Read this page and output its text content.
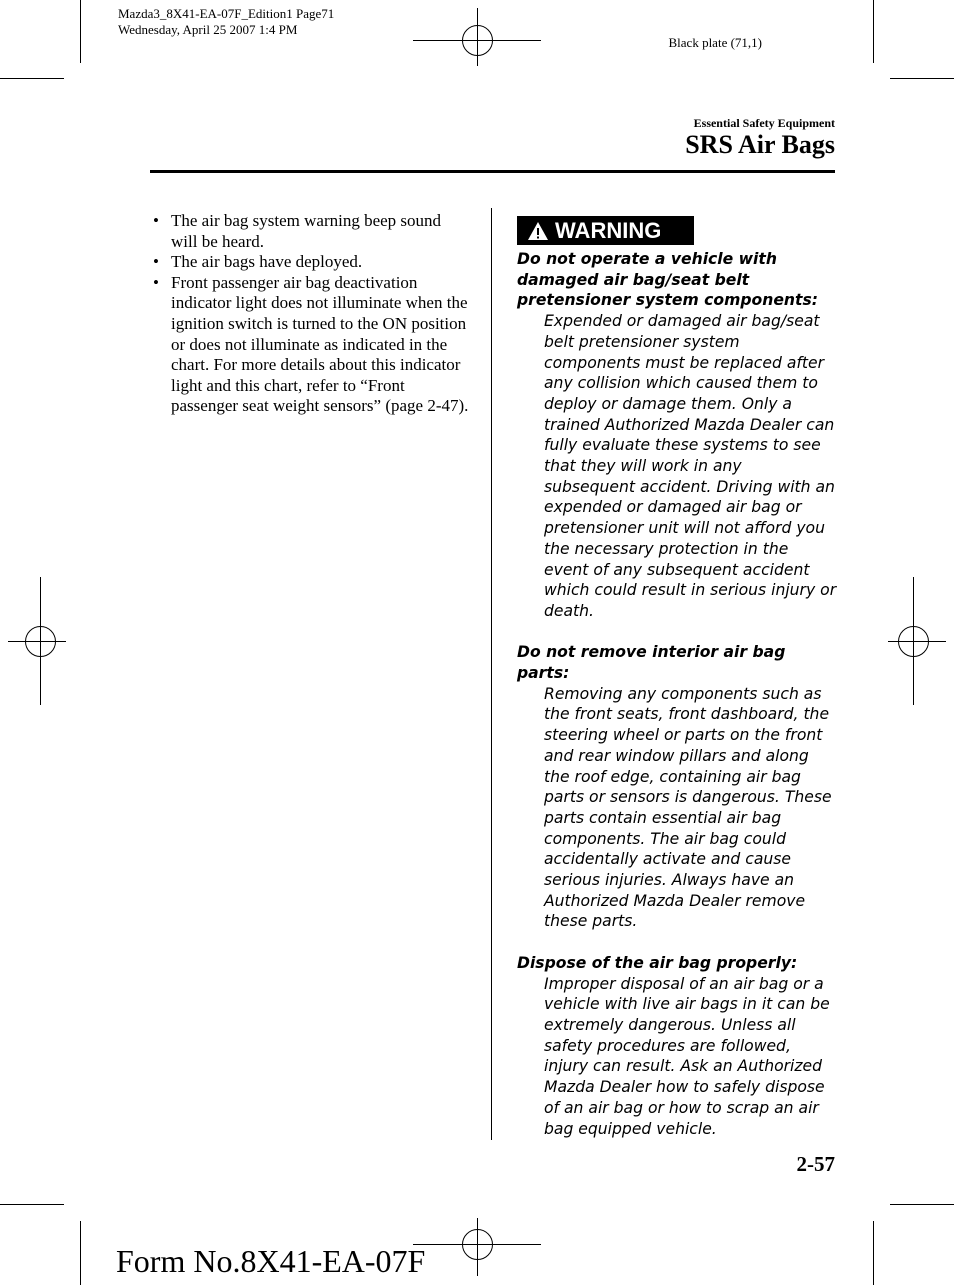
Mazda3_8X41-EA-07F_Edition1 Page71
Wednesday, April 25 2007 1:4 PM
Black plate (71,1)
Essential Safety Equipment
SRS Air Bags
• The air bag system warning beep sound will be heard.
• The air bags have deployed.
• Front passenger air bag deactivation indicator light does not illuminate when the ignition switch is turned to the ON position or does not illuminate as indicated in the chart. For more details about this indicator light and this chart, refer to “Front passenger seat weight sensors” (page 2-47).
WARNING

Do not operate a vehicle with damaged air bag/seat belt pretensioner system components:

Expended or damaged air bag/seat belt pretensioner system components must be replaced after any collision which caused them to deploy or damage them. Only a trained Authorized Mazda Dealer can fully evaluate these systems to see that they will work in any subsequent accident. Driving with an expended or damaged air bag or pretensioner unit will not afford you the necessary protection in the event of any subsequent accident which could result in serious injury or death.

Do not remove interior air bag parts:

Removing any components such as the front seats, front dashboard, the steering wheel or parts on the front and rear window pillars and along the roof edge, containing air bag parts or sensors is dangerous. These parts contain essential air bag components. The air bag could accidentally activate and cause serious injuries. Always have an Authorized Mazda Dealer remove these parts.

Dispose of the air bag properly:

Improper disposal of an air bag or a vehicle with live air bags in it can be extremely dangerous. Unless all safety procedures are followed, injury can result. Ask an Authorized Mazda Dealer how to safely dispose of an air bag or how to scrap an air bag equipped vehicle.

2-57
Form No.8X41-EA-07F
